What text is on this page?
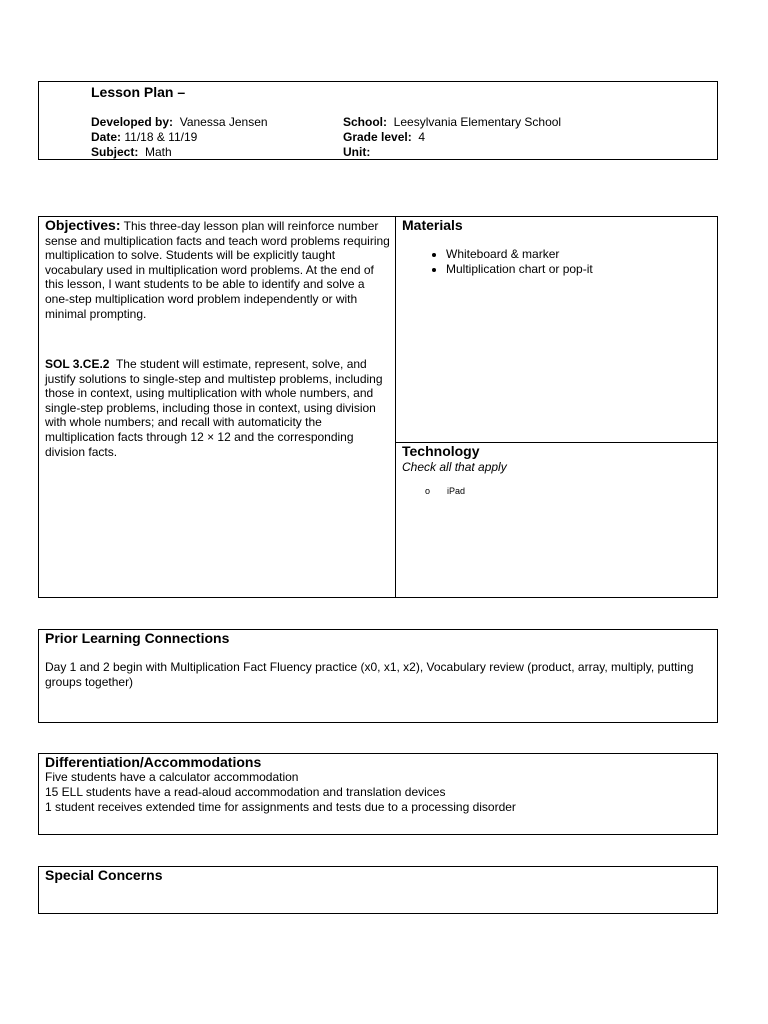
Lesson Plan –
Developed by: Vanessa Jensen
Date: 11/18 & 11/19
Subject: Math
School: Leesylvania Elementary School
Grade level: 4
Unit:
Objectives: This three-day lesson plan will reinforce number sense and multiplication facts and teach word problems requiring multiplication to solve. Students will be explicitly taught vocabulary used in multiplication word problems. At the end of this lesson, I want students to be able to identify and solve a one-step multiplication word problem independently or with minimal prompting.
SOL 3.CE.2 The student will estimate, represent, solve, and justify solutions to single-step and multistep problems, including those in context, using multiplication with whole numbers, and single-step problems, including those in context, using division with whole numbers; and recall with automaticity the multiplication facts through 12 × 12 and the corresponding division facts.
Materials
• Whiteboard & marker
• Multiplication chart or pop-it
Technology
Check all that apply
o	iPad
Prior Learning Connections
Day 1 and 2 begin with Multiplication Fact Fluency practice (x0, x1, x2), Vocabulary review (product, array, multiply, putting groups together)
Differentiation/Accommodations
Five students have a calculator accommodation
15 ELL students have a read-aloud accommodation and translation devices
1 student receives extended time for assignments and tests due to a processing disorder
Special Concerns
